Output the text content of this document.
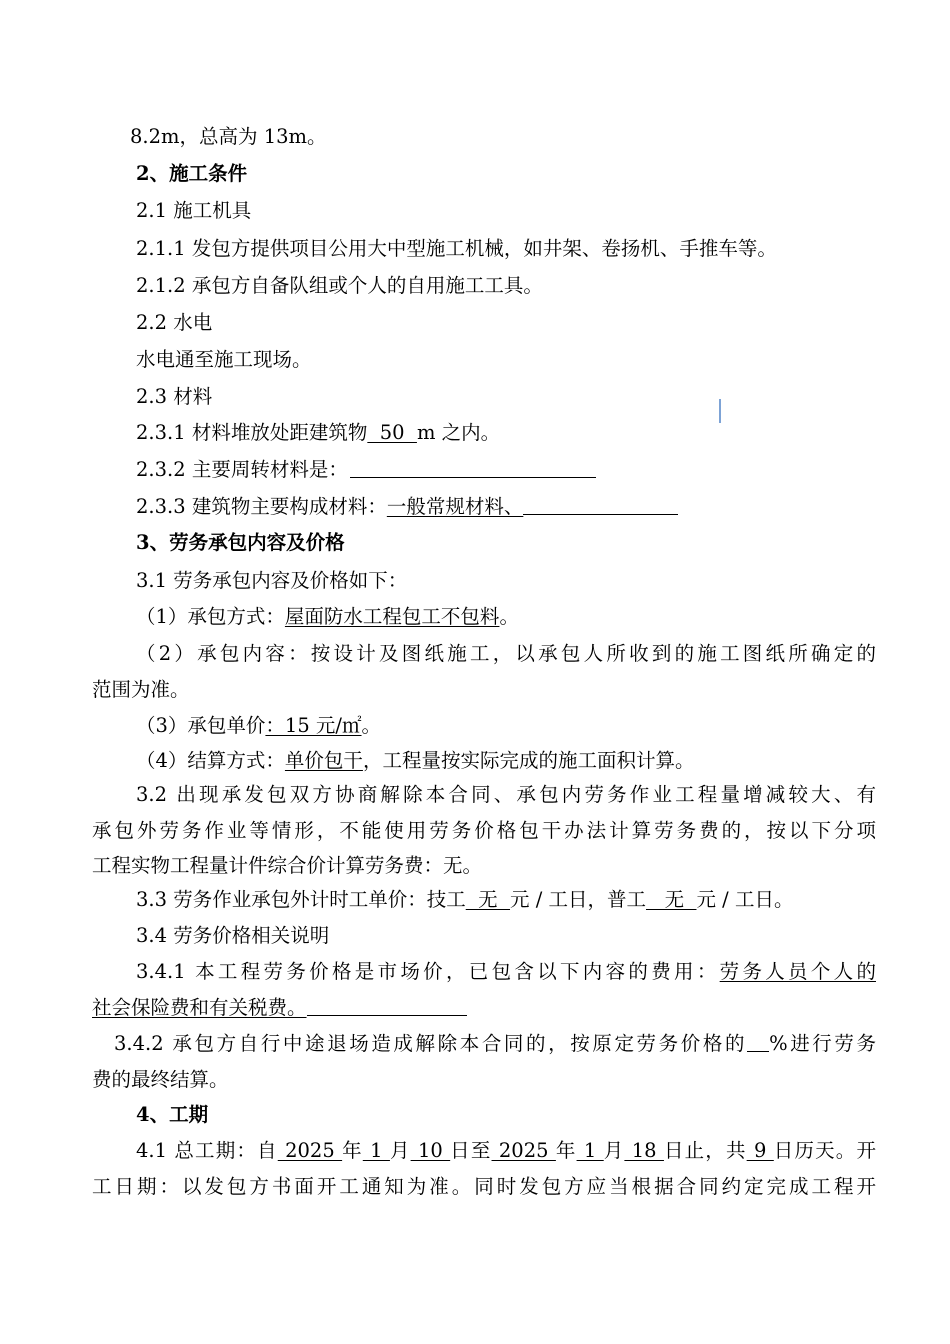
8.2m，总高为 13m。
2、施工条件
2.1 施工机具
2.1.1 发包方提供项目公用大中型施工机械，如井架、卷扬机、手推车等。
2.1.2 承包方自备队组或个人的自用施工工具。
2.2 水电
水电通至施工现场。
2.3 材料
2.3.1 材料堆放处距建筑物  50  m 之内。
2.3.2 主要周转材料是：
2.3.3 建筑物主要构成材料：一般常规材料、
3、劳务承包内容及价格
3.1 劳务承包内容及价格如下：
（1）承包方式：屋面防水工程包工不包料。
（2）承包内容：按设计及图纸施工，以承包人所收到的施工图纸所确定的
范围为准。
（3）承包单价：15 元/㎡。
（4）结算方式：单价包干，工程量按实际完成的施工面积计算。
3.2 出现承发包双方协商解除本合同、承包内劳务作业工程量增减较大、有
承包外劳务作业等情形，不能使用劳务价格包干办法计算劳务费的，按以下分项
工程实物工程量计件综合价计算劳务费：无。
3.3 劳务作业承包外计时工单价：技工  无  元 / 工日，普工   无  元 / 工日。
3.4 劳务价格相关说明
3.4.1 本工程劳务价格是市场价，已包含以下内容的费用：劳务人员个人的
社会保险费和有关税费。
3.4.2 承包方自行中途退场造成解除本合同的，按原定劳务价格的 %进行劳务
费的最终结算。
4、工期
4.1 总工期：自 2025 年 1 月 10 日至 2025 年 1 月 18 日止，共 9 日历天。开
工日期：以发包方书面开工通知为准。同时发包方应当根据合同约定完成工程开
